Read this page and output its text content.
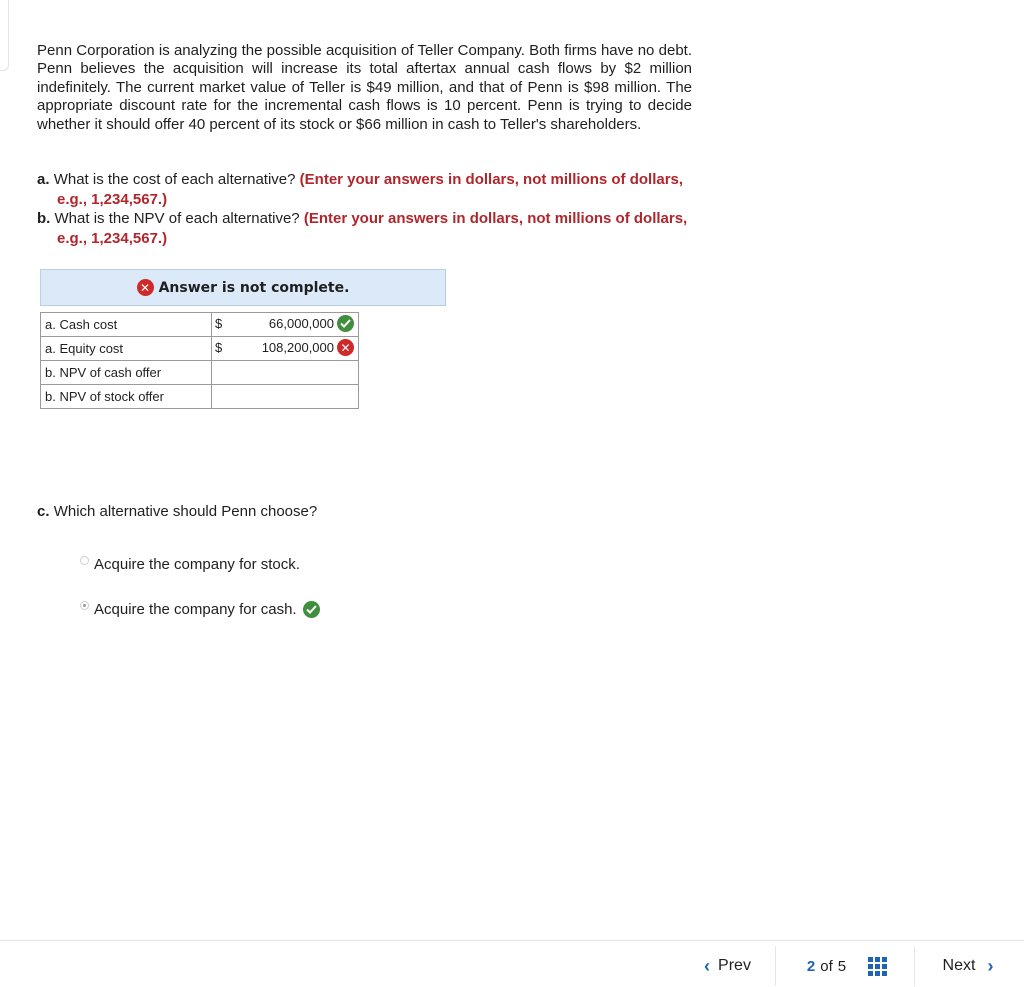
Penn Corporation is analyzing the possible acquisition of Teller Company. Both firms have no debt. Penn believes the acquisition will increase its total aftertax annual cash flows by $2 million indefinitely. The current market value of Teller is $49 million, and that of Penn is $98 million. The appropriate discount rate for the incremental cash flows is 10 percent. Penn is trying to decide whether it should offer 40 percent of its stock or $66 million in cash to Teller's shareholders.

a. What is the cost of each alternative? (Enter your answers in dollars, not millions of dollars, e.g., 1,234,567.)
b. What is the NPV of each alternative? (Enter your answers in dollars, not millions of dollars, e.g., 1,234,567.)
✕ Answer is not complete.
a. Cash cost	$ 66,000,000

a. Equity cost	$ 108,200,000 ✕

b. NPV of cash offer	
b. NPV of stock offer	
c. Which alternative should Penn choose?
Acquire the company for stock.
Acquire the company for cash.
‹ Prev	2 of 5	Next ›
